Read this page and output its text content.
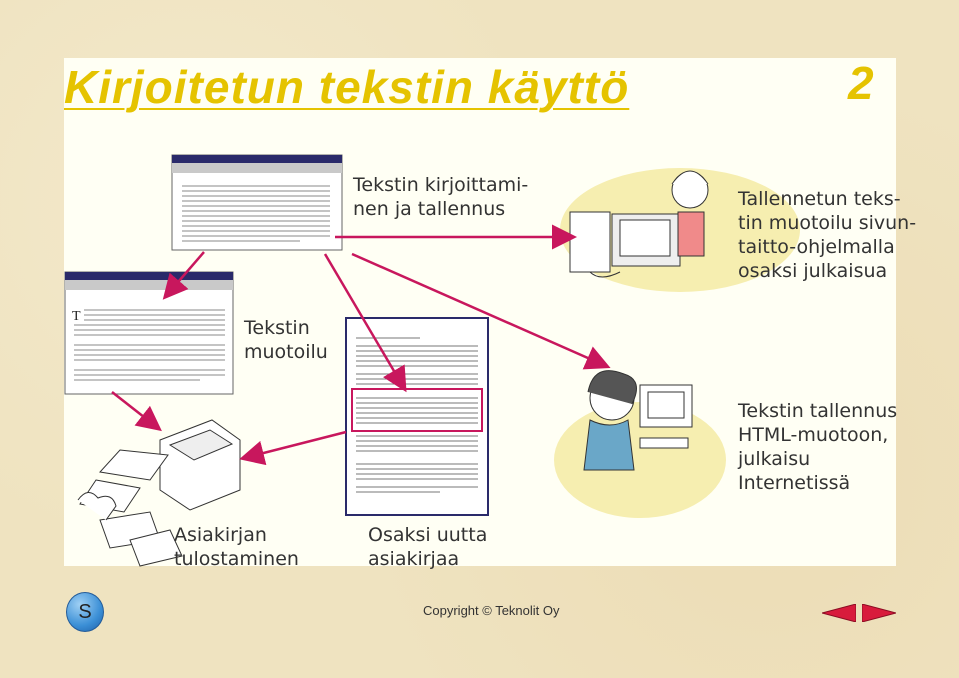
Kirjoitetun tekstin käyttö	2
T
Tekstin kirjoittami-
nen ja tallennus	Tallennetun teks-
tin muotoilu sivun-
taitto-ohjelmalla
osaksi julkaisua
Tekstin
muotoilu
Tekstin tallennus
HTML-muotoon,
julkaisu
Internetissä
Asiakirjan
tulostaminen
Osaksi uutta
asiakirjaa
S	Copyright © Teknolit Oy
